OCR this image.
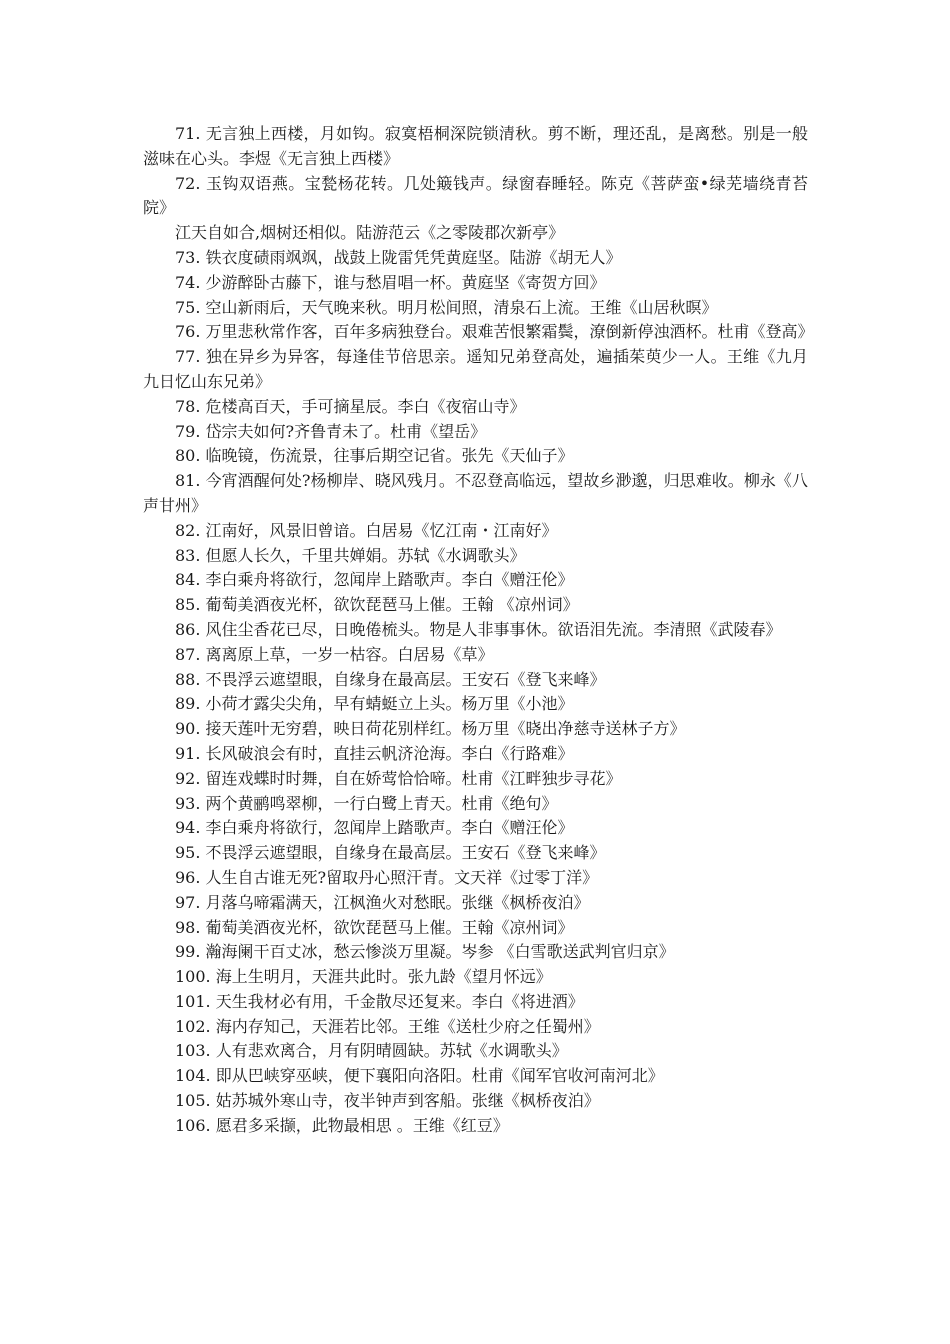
71. 无言独上西楼，月如钩。寂寞梧桐深院锁清秋。剪不断，理还乱，是离愁。别是一般滋味在心头。李煜《无言独上西楼》

72. 玉钩双语燕。宝甃杨花转。几处簸钱声。绿窗春睡轻。陈克《菩萨蛮•绿芜墙绕青苔院》

江天自如合,烟树还相似。陆游范云《之零陵郡次新亭》

73. 铁衣度碛雨飒飒，战鼓上陇雷凭凭黄庭坚。陆游《胡无人》

74. 少游醉卧古藤下，谁与愁眉唱一杯。黄庭坚《寄贺方回》

75. 空山新雨后，天气晚来秋。明月松间照，清泉石上流。王维《山居秋暝》

76. 万里悲秋常作客，百年多病独登台。艰难苦恨繁霜鬓，潦倒新停浊酒杯。杜甫《登高》

77. 独在异乡为异客，每逢佳节倍思亲。遥知兄弟登高处，遍插茱萸少一人。王维《九月九日忆山东兄弟》

78. 危楼高百天，手可摘星辰。李白《夜宿山寺》

79. 岱宗夫如何?齐鲁青未了。杜甫《望岳》

80. 临晚镜，伤流景，往事后期空记省。张先《天仙子》

81. 今宵酒醒何处?杨柳岸、晓风残月。不忍登高临远，望故乡渺邈，归思难收。柳永《八声甘州》

82. 江南好，风景旧曾谙。白居易《忆江南・江南好》

83. 但愿人长久，千里共婵娟。苏轼《水调歌头》

84. 李白乘舟将欲行，忽闻岸上踏歌声。李白《赠汪伦》

85. 葡萄美酒夜光杯，欲饮琵琶马上催。王翰 《凉州词》

86. 风住尘香花已尽，日晚倦梳头。物是人非事事休。欲语泪先流。李清照《武陵春》

87. 离离原上草，一岁一枯容。白居易《草》

88. 不畏浮云遮望眼，自缘身在最高层。王安石《登飞来峰》

89. 小荷才露尖尖角，早有蜻蜓立上头。杨万里《小池》

90. 接天莲叶无穷碧，映日荷花别样红。杨万里《晓出净慈寺送林子方》

91. 长风破浪会有时，直挂云帆济沧海。李白《行路难》

92. 留连戏蝶时时舞，自在娇莺恰恰啼。杜甫《江畔独步寻花》

93. 两个黄鹂鸣翠柳，一行白鹭上青天。杜甫《绝句》

94. 李白乘舟将欲行，忽闻岸上踏歌声。李白《赠汪伦》

95. 不畏浮云遮望眼，自缘身在最高层。王安石《登飞来峰》

96. 人生自古谁无死?留取丹心照汗青。文天祥《过零丁洋》

97. 月落乌啼霜满天，江枫渔火对愁眠。张继《枫桥夜泊》

98. 葡萄美酒夜光杯，欲饮琵琶马上催。王翰《凉州词》

99. 瀚海阑干百丈冰，愁云惨淡万里凝。岑参 《白雪歌送武判官归京》

100. 海上生明月，天涯共此时。张九龄《望月怀远》

101. 天生我材必有用，千金散尽还复来。李白《将进酒》

102. 海内存知己，天涯若比邻。王维《送杜少府之任蜀州》

103. 人有悲欢离合，月有阴晴圆缺。苏轼《水调歌头》

104. 即从巴峡穿巫峡，便下襄阳向洛阳。杜甫《闻军官收河南河北》

105. 姑苏城外寒山寺，夜半钟声到客船。张继《枫桥夜泊》

106. 愿君多采撷，此物最相思 。王维《红豆》
